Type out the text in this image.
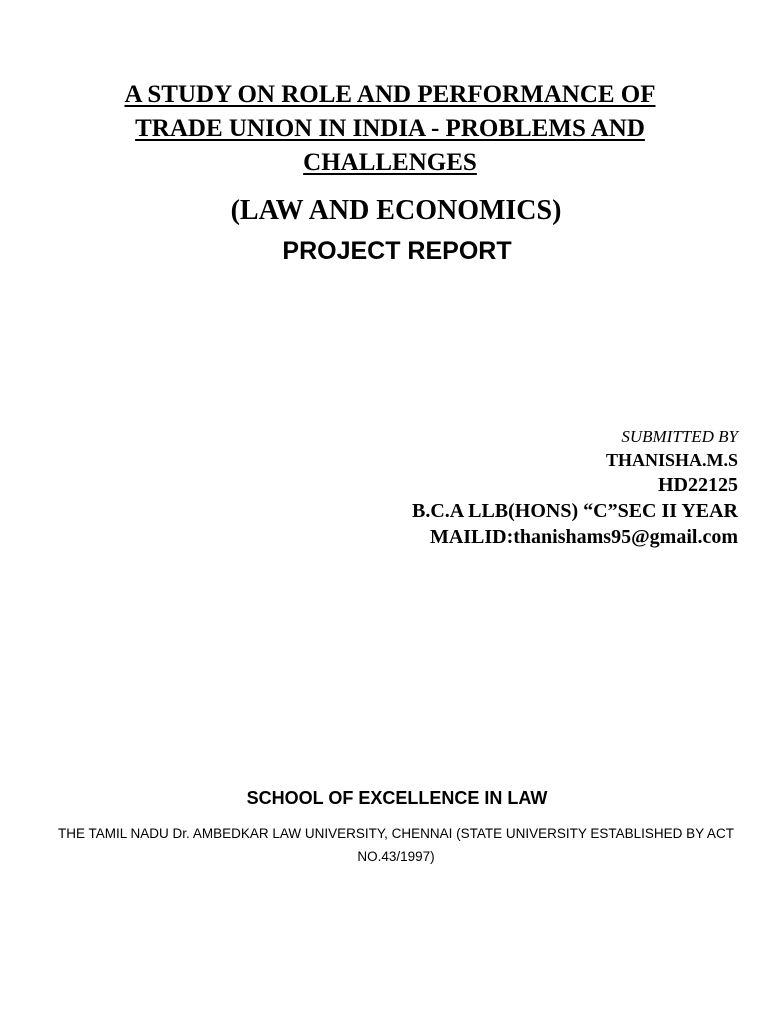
A STUDY ON ROLE AND PERFORMANCE OF
TRADE UNION IN INDIA - PROBLEMS AND
CHALLENGES
(LAW AND ECONOMICS)
PROJECT REPORT
SUBMITTED BY
THANISHA.M.S
HD22125
B.C.A LLB(HONS) “C”SEC II YEAR
MAILID:thanishams95@gmail.com
SCHOOL OF EXCELLENCE IN LAW
THE TAMIL NADU Dr. AMBEDKAR LAW UNIVERSITY, CHENNAI (STATE UNIVERSITY ESTABLISHED BY ACT NO.43/1997)
